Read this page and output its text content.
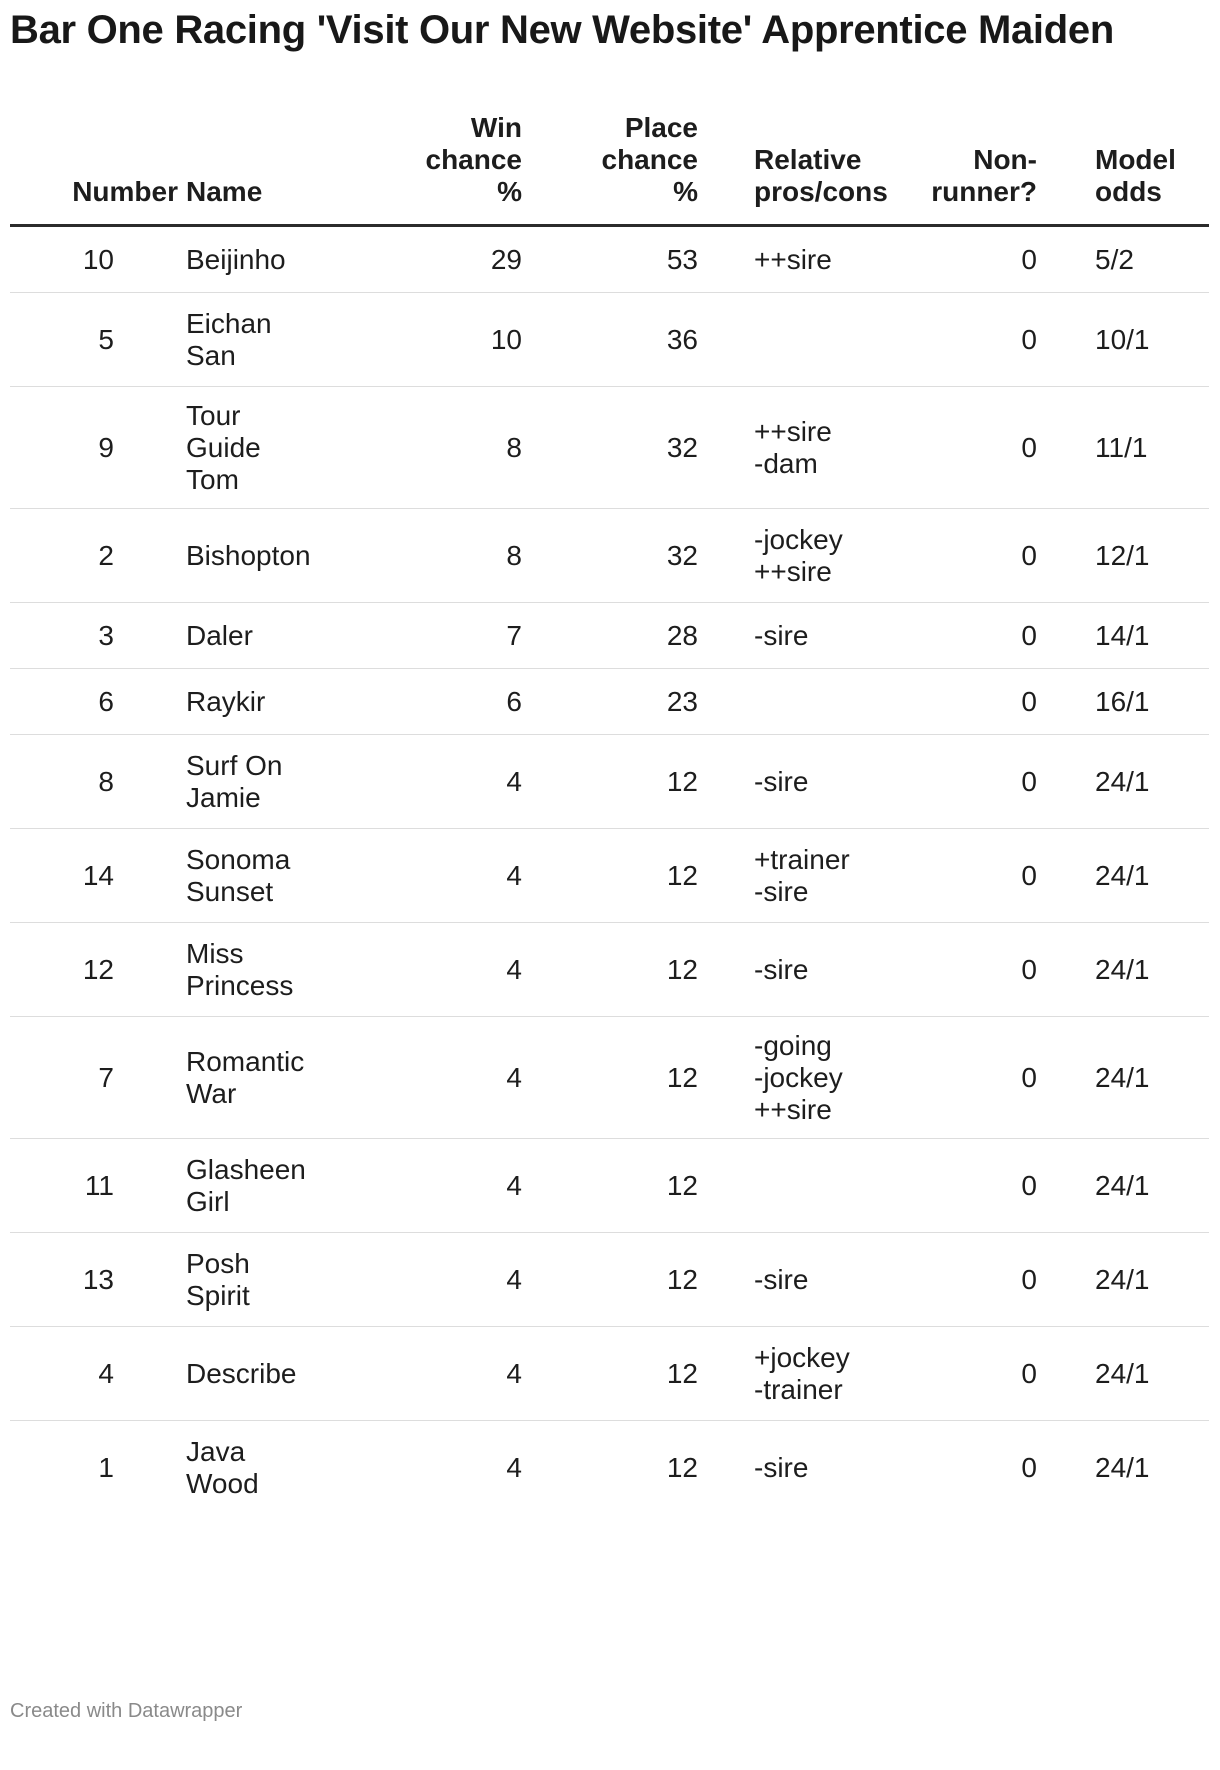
Bar One Racing 'Visit Our New Website' Apprentice Maiden
Number	Name	Win
chance
%	Place
chance
%	Relative
pros/cons	Non-
runner?	Model
odds

10	Beijinho	29	53	++sire	0	5/2
5	Eichan
San	10	36		0	10/1
9	Tour
Guide
Tom	8	32	++sire
-dam	0	11/1
2	Bishopton	8	32	-jockey
++sire	0	12/1
3	Daler	7	28	-sire	0	14/1
6	Raykir	6	23		0	16/1
8	Surf On
Jamie	4	12	-sire	0	24/1
14	Sonoma
Sunset	4	12	+trainer
-sire	0	24/1
12	Miss
Princess	4	12	-sire	0	24/1
7	Romantic
War	4	12	-going
-jockey
++sire	0	24/1
11	Glasheen
Girl	4	12		0	24/1
13	Posh
Spirit	4	12	-sire	0	24/1
4	Describe	4	12	+jockey
-trainer	0	24/1
1	Java
Wood	4	12	-sire	0	24/1
Created with Datawrapper
